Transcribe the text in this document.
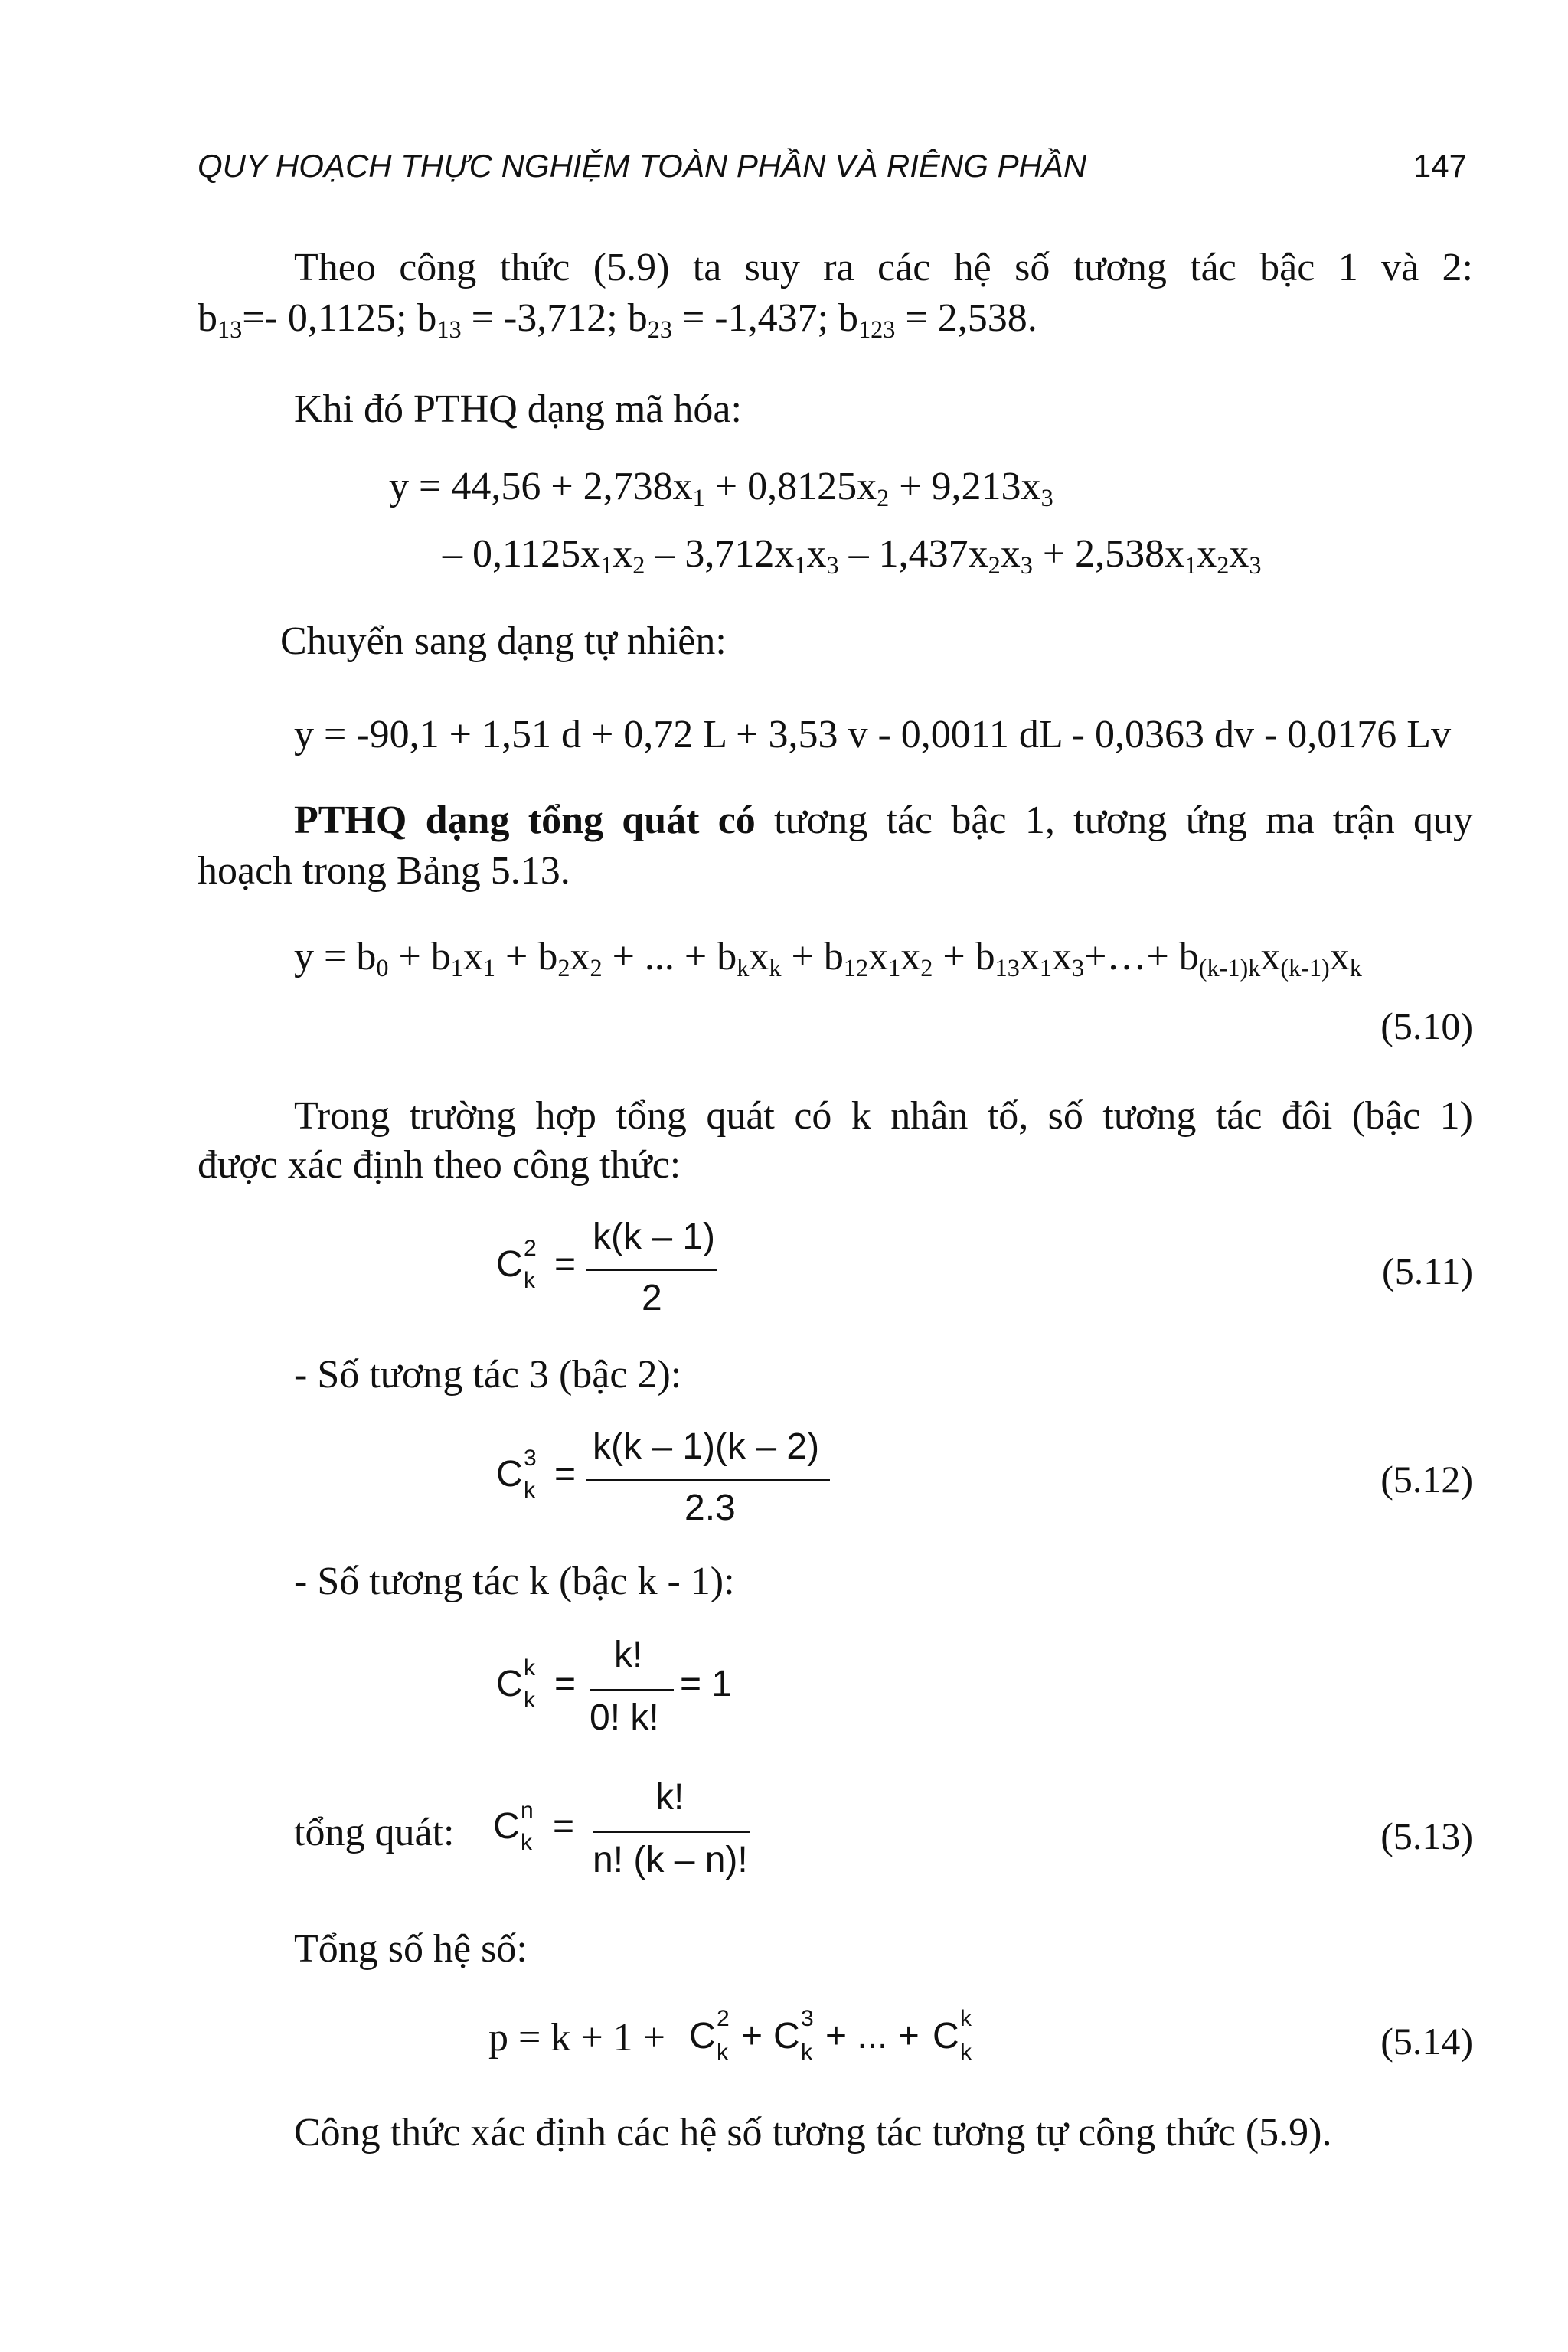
QUY HOẠCH THỰC NGHIỆM TOÀN PHẦN VÀ RIÊNG PHẦN	147
Theo công thức (5.9) ta suy ra các hệ số tương tác bậc 1 và 2:
$b_{13}=-$ 0,1125; $b_{13} = -3,712$; $b_{23} = -1,437$; $b_{123} = 2,538$.
Khi đó PTHQ dạng mã hóa:
$y = 44,56 + 2,738x_1 + 0,8125x_2 + 9,213x_3$
– $0,1125x_1x_2 - 3,712x_1x_3 - 1,437x_2x_3 + 2,538x_1x_2x_3$
Chuyển sang dạng tự nhiên:
y = -90,1 + 1,51 d + 0,72 L + 3,53 v - 0,0011 dL - 0,0363 dv - 0,0176 Lv
PTHQ dạng tổng quát có tương tác bậc 1, tương ứng ma trận quy
hoạch trong Bảng 5.13.
$y = b_0 + b_1x_1 + b_2x_2$ + ... + $b_kx_k + b_{12}x_1x_2$ + $b_{13}x_1x_3+\dots+ b_{(k-1)k}x_{(k-1)}x_k$
(5.10)
Trong trường hợp tổng quát có k nhân tố, số tương tác đôi (bậc 1)
được xác định theo công thức:
C 2
k =
k(k – 1)
2
(5.11)
- Số tương tác 3 (bậc 2):
C 3
k =
k(k – 1)(k – 2)
2.3
(5.12)
- Số tương tác k (bậc k - 1):
C k
k =
k!
0! k!
= 1
tổng quát: C n
k =
k!
n! (k – n)!
(5.13)
Tổng số hệ số:
p = k + 1 + C 2
k + C 3
k + ... + C k
k	(5.14)
Công thức xác định các hệ số tương tác tương tự công thức (5.9).
